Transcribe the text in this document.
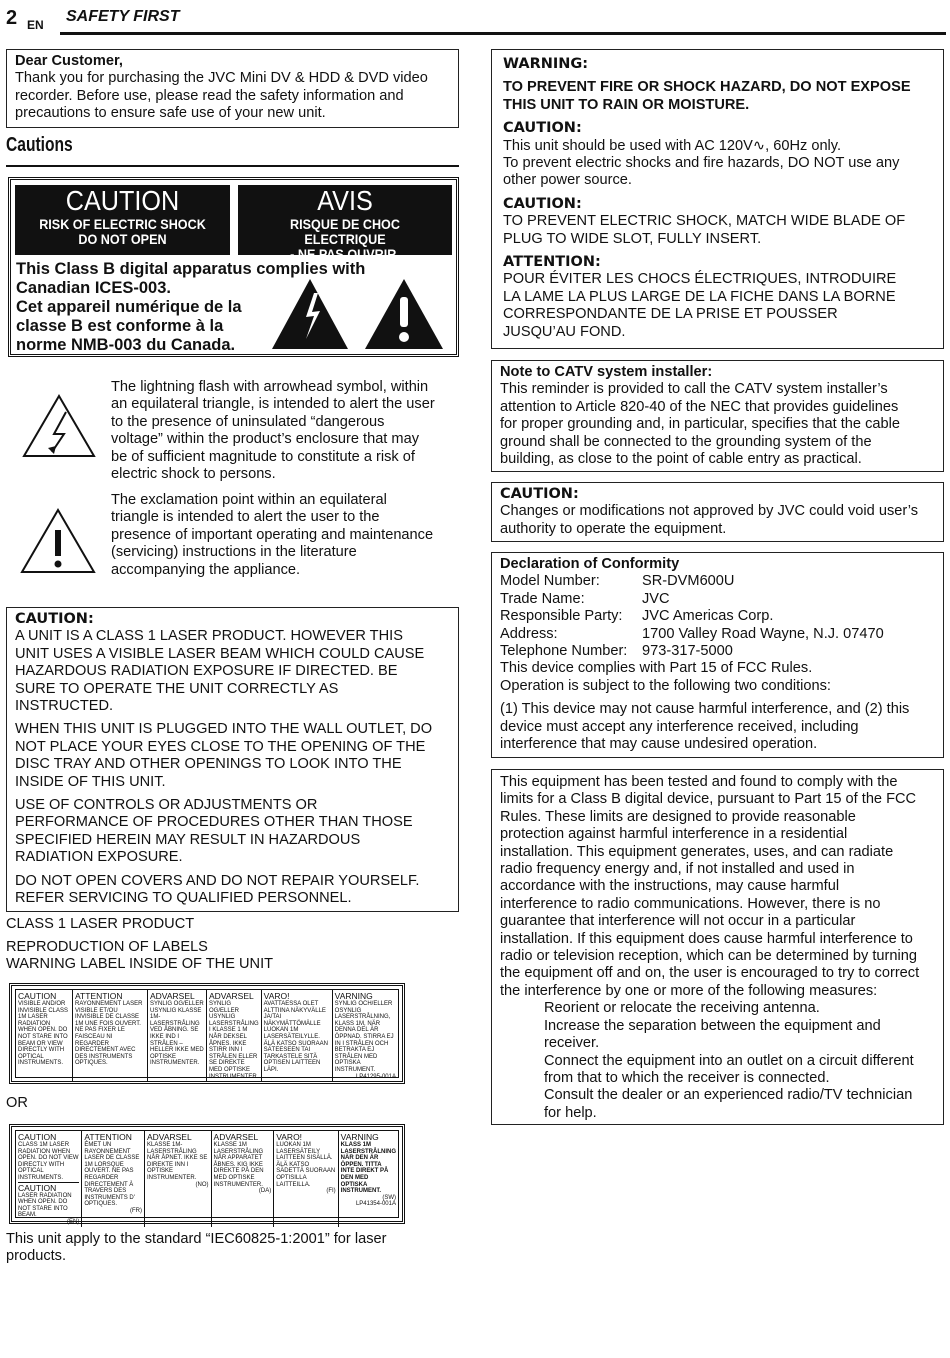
2 EN SAFETY FIRST

Dear Customer,

Thank you for purchasing the JVC Mini DV & HDD & DVD video

recorder. Before use, please read the safety information and

precautions to ensure safe use of your new unit.

Cautions
CAUTION
RISK OF ELECTRIC SHOCK
DO NOT OPEN
AVIS
RISQUE DE CHOC ELECTRIQUE
- NE PAS OUVRIR.

This Class B digital apparatus complies with

Canadian ICES-003.

Cet appareil numérique de la

classe B est conforme à la

norme NMB-003 du Canada.

The lightning flash with arrowhead symbol, within

an equilateral triangle, is intended to alert the user

to the presence of uninsulated “dangerous

voltage” within the product’s enclosure that may

be of sufficient magnitude to constitute a risk of

electric shock to persons.

The exclamation point within an equilateral

triangle is intended to alert the user to the

presence of important operating and maintenance

(servicing) instructions in the literature

accompanying the appliance.

CAUTION:

A UNIT IS A CLASS 1 LASER PRODUCT. HOWEVER THIS

UNIT USES A VISIBLE LASER BEAM WHICH COULD CAUSE

HAZARDOUS RADIATION EXPOSURE IF DIRECTED. BE

SURE TO OPERATE THE UNIT CORRECTLY AS

INSTRUCTED.

WHEN THIS UNIT IS PLUGGED INTO THE WALL OUTLET, DO

NOT PLACE YOUR EYES CLOSE TO THE OPENING OF THE

DISC TRAY AND OTHER OPENINGS TO LOOK INTO THE

INSIDE OF THIS UNIT.

USE OF CONTROLS OR ADJUSTMENTS OR

PERFORMANCE OF PROCEDURES OTHER THAN THOSE

SPECIFIED HEREIN MAY RESULT IN HAZARDOUS

RADIATION EXPOSURE.

DO NOT OPEN COVERS AND DO NOT REPAIR YOURSELF.

REFER SERVICING TO QUALIFIED PERSONNEL.

CLASS 1 LASER PRODUCT

REPRODUCTION OF LABELS

WARNING LABEL INSIDE OF THE UNIT

CAUTION
VISIBLE AND/OR INVISIBLE CLASS 1M LASER RADIATION WHEN OPEN. DO NOT STARE INTO BEAM OR VIEW DIRECTLY WITH OPTICAL INSTRUMENTS.

ATTENTION
RAYONNEMENT LASER VISIBLE ET/OU INVISIBLE DE CLASSE 1M UNE FOIS OUVERT. NE PAS FIXER LE FAISCEAU NI REGARDER DIRECTEMENT AVEC DES INSTRUMENTS OPTIQUES.

ADVARSEL
SYNLIG OG/ELLER USYNLIG KLASSE 1M-LASERSTRÅLING VED ÅBNING. SE IKKE IND I STRÅLEN – HELLER IKKE MED OPTISKE INSTRUMENTER.

ADVARSEL
SYNLIG OG/ELLER USYNLIG LASERSTRÅLING I KLASSE 1 M NÅR DEKSEL ÅPNES. IKKE STIRR INN I STRÅLEN ELLER SE DIREKTE MED OPTISKE INSTRUMENTER.

VARO!
AVATTAESSA OLET ALTTIINA NÄKYVÄLLE JA/TAI NÄKYMÄTTÖMÄLLE LUOKAN 1M LASERSÄTEILYLLE. ÄLÄ KATSO SUORAAN SÄTEESEEN TAI TARKASTELE SITÄ OPTISEN LAITTEEN LÄPI.

VARNING
SYNLIG OCH/ELLER OSYNLIG LASERSTRÅLNING, KLASS 1M, NÄR DENNA DEL ÄR ÖPPNAD. STIRRA EJ IN I STRÅLEN OCH BETRAKTA EJ STRÅLEN MED OPTISKA INSTRUMENT.
LP41295-001A
OR
CAUTION
CLASS 1M LASER RADIATION WHEN OPEN. DO NOT VIEW DIRECTLY WITH OPTICAL INSTRUMENTS.
CAUTION
LASER RADIATION WHEN OPEN. DO NOT STARE INTO BEAM.
(EN)

ATTENTION
ÉMET UN RAYONNEMENT LASER DE CLASSE 1M LORSQUE OUVERT. NE PAS REGARDER DIRECTEMENT À TRAVERS DES INSTRUMENTS D' OPTIQUES.
(FR)

ADVARSEL
KLASSE 1M-LASERSTRÅLING NÅR ÅPNET. IKKE SE DIREKTE INN I OPTISKE INSTRUMENTER.
(NO)

ADVARSEL
KLASSE 1M LASERSTRÅLING NÅR APPARATET ÅBNES. KIG IKKE DIREKTE PÅ DEN MED OPTISKE INSTRUMENTER.
(DA)

VARO!
LUOKAN 1M LASERSÄTEILY LAITTEEN SISÄLLÄ. ÄLÄ KATSO SÄDETTÄ SUORAAN OPTISILLA LAITTEILLA.
(FI)

VARNING
KLASS 1M LASERSTRÅLNING NÄR DEN ÄR ÖPPEN. TITTA INTE DIREKT PÅ DEN MED OPTISKA INSTRUMENT.
(SW)
LP41354-001A

This unit apply to the standard “IEC60825-1:2001” for laser

products.

WARNING:

TO PREVENT FIRE OR SHOCK HAZARD, DO NOT EXPOSE

THIS UNIT TO RAIN OR MOISTURE.

CAUTION:

This unit should be used with AC 120V∿, 60Hz only.

To prevent electric shocks and fire hazards, DO NOT use any

other power source.

CAUTION:

TO PREVENT ELECTRIC SHOCK, MATCH WIDE BLADE OF

PLUG TO WIDE SLOT, FULLY INSERT.

ATTENTION:

POUR ÉVITER LES CHOCS ÉLECTRIQUES, INTRODUIRE

LA LAME LA PLUS LARGE DE LA FICHE DANS LA BORNE

CORRESPONDANTE DE LA PRISE ET POUSSER

JUSQU’AU FOND.

Note to CATV system installer:

This reminder is provided to call the CATV system installer’s

attention to Article 820-40 of the NEC that provides guidelines

for proper grounding and, in particular, specifies that the cable

ground shall be connected to the grounding system of the

building, as close to the point of cable entry as practical.

CAUTION:

Changes or modifications not approved by JVC could void user’s

authority to operate the equipment.

Declaration of Conformity

Model Number:	SR-DVM600U
Trade Name:	JVC
Responsible Party: JVC Americas Corp.
Address:	1700 Valley Road Wayne, N.J. 07470
Telephone Number: 973-317-5000

This device complies with Part 15 of FCC Rules.

Operation is subject to the following two conditions:

(1) This device may not cause harmful interference, and (2) this

device must accept any interference received, including

interference that may cause undesired operation.

This equipment has been tested and found to comply with the

limits for a Class B digital device, pursuant to Part 15 of the FCC

Rules. These limits are designed to provide reasonable

protection against harmful interference in a residential

installation. This equipment generates, uses, and can radiate

radio frequency energy and, if not installed and used in

accordance with the instructions, may cause harmful

interference to radio communications. However, there is no

guarantee that interference will not occur in a particular

installation. If this equipment does cause harmful interference to

radio or television reception, which can be determined by turning

the equipment off and on, the user is encouraged to try to correct

the interference by one or more of the following measures:

Reorient or relocate the receiving antenna.

Increase the separation between the equipment and

receiver.

Connect the equipment into an outlet on a circuit different

from that to which the receiver is connected.

Consult the dealer or an experienced radio/TV technician

for help.
